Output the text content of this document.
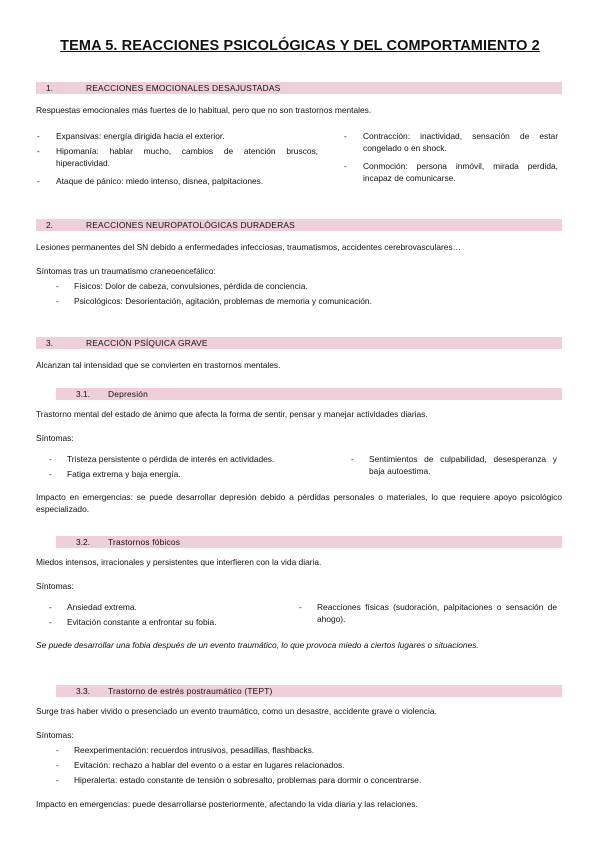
TEMA 5. REACCIONES PSICOLÓGICAS Y DEL COMPORTAMIENTO 2
1.	REACCIONES EMOCIONALES DESAJUSTADAS
Respuestas emocionales más fuertes de lo habitual, pero que no son trastornos mentales.
- Expansivas: energía dirigida hacia el exterior.
- Hipomanía: hablar mucho, cambios de atención bruscos, hiperactividad.
- Ataque de pánico: miedo intenso, disnea, palpitaciones.
- Contracción: inactividad, sensación de estar congelado o en shock.
- Conmoción: persona inmóvil, mirada perdida, incapaz de comunicarse.
2.	REACCIONES NEUROPATOLÓGICAS DURADERAS
Lesiones permanentes del SN debido a enfermedades infecciosas, traumatismos, accidentes cerebrovasculares…
Síntomas tras un traumatismo craneoencefálico:
- Físicos: Dolor de cabeza, convulsiones, pérdida de conciencia.
- Psicológicos: Desorientación, agitación, problemas de memoria y comunicación.
3.	REACCIÓN PSÍQUICA GRAVE
Alcanzan tal intensidad que se convierten en trastornos mentales.
3.1. Depresión
Trastorno mental del estado de ánimo que afecta la forma de sentir, pensar y manejar actividades diarias.
Síntomas:
- Tristeza persistente o pérdida de interés en actividades.
- Fatiga extrema y baja energía.
- Sentimientos de culpabilidad, desesperanza y baja autoestima.
Impacto en emergencias: se puede desarrollar depresión debido a pérdidas personales o materiales, lo que requiere apoyo psicológico especializado.
3.2. Trastornos fóbicos
Miedos intensos, irracionales y persistentes que interfieren con la vida diaria.
Síntomas:
- Ansiedad extrema.
- Evitación constante a enfrontar su fobia.
- Reacciones físicas (sudoración, palpitaciones o sensación de ahogo).
Se puede desarrollar una fobia después de un evento traumático, lo que provoca miedo a ciertos lugares o situaciones.
3.3. Trastorno de estrés postraumático (TEPT)
Surge tras haber vivido o presenciado un evento traumático, como un desastre, accidente grave o violencia.
Síntomas:
- Reexperimentación: recuerdos intrusivos, pesadillas, flashbacks.
- Evitación: rechazo a hablar del evento o a estar en lugares relacionados.
- Hiperalerta: estado constante de tensión o sobresalto, problemas para dormir o concentrarse.
Impacto en emergencias: puede desarrollarse posteriormente, afectando la vida diaria y las relaciones.
